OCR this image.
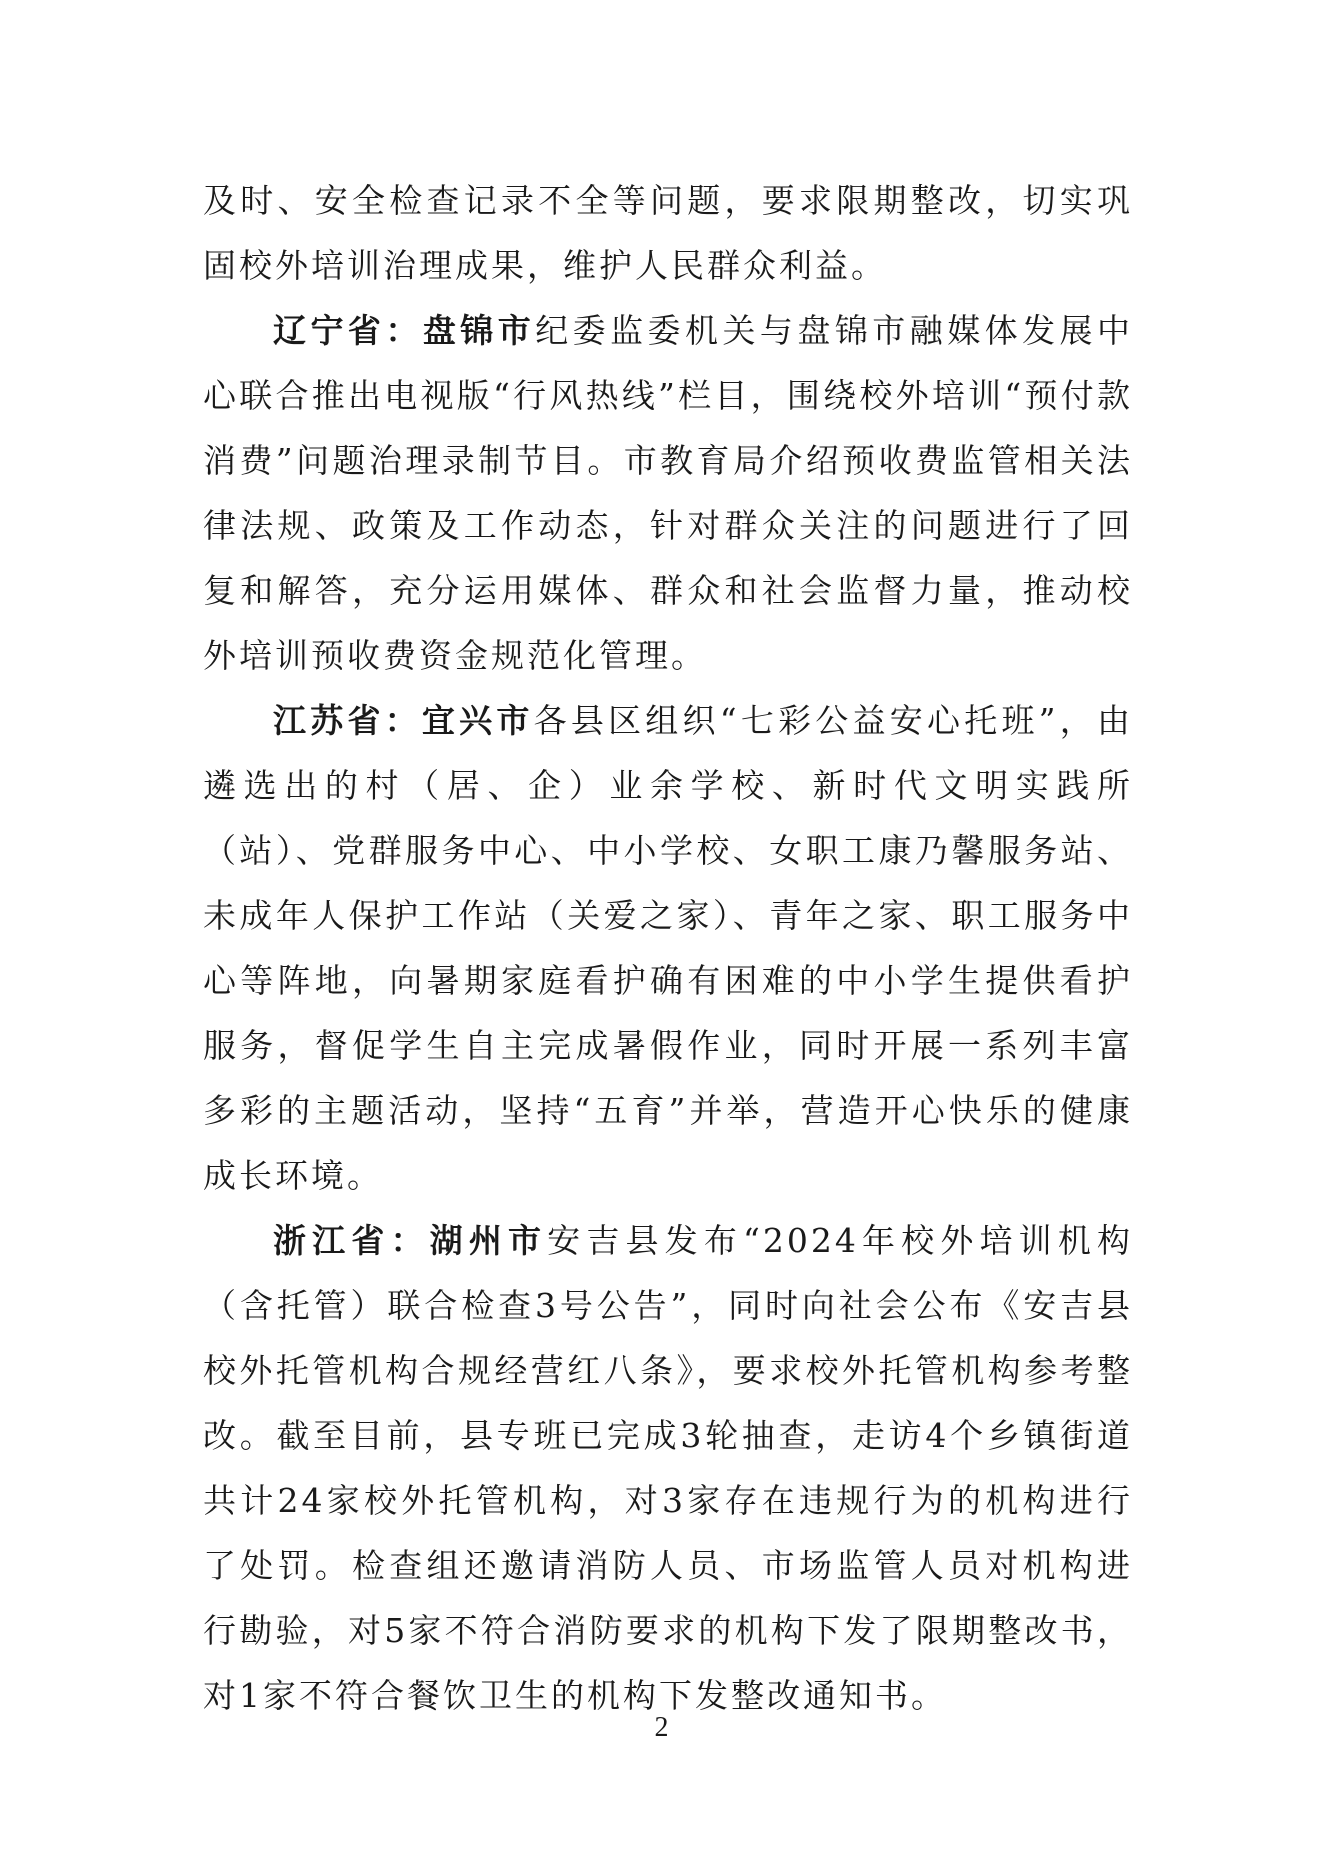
及时、安全检查记录不全等问题，要求限期整改，切实巩固校外培训治理成果，维护人民群众利益。

辽宁省：盘锦市纪委监委机关与盘锦市融媒体发展中心联合推出电视版“行风热线”栏目，围绕校外培训“预付款消费”问题治理录制节目。市教育局介绍预收费监管相关法律法规、政策及工作动态，针对群众关注的问题进行了回复和解答，充分运用媒体、群众和社会监督力量，推动校外培训预收费资金规范化管理。

江苏省：宜兴市各县区组织“七彩公益安心托班”，由遴选出的村（居、企）业余学校、新时代文明实践所（站）、党群服务中心、中小学校、女职工康乃馨服务站、未成年人保护工作站（关爱之家）、青年之家、职工服务中心等阵地，向暑期家庭看护确有困难的中小学生提供看护服务，督促学生自主完成暑假作业，同时开展一系列丰富多彩的主题活动，坚持“五育”并举，营造开心快乐的健康成长环境。

浙江省：湖州市安吉县发布“2024年校外培训机构（含托管）联合检查3号公告”，同时向社会公布《安吉县校外托管机构合规经营红八条》，要求校外托管机构参考整改。截至目前，县专班已完成3轮抽查，走访4个乡镇街道共计24家校外托管机构，对3家存在违规行为的机构进行了处罚。检查组还邀请消防人员、市场监管人员对机构进行勘验，对5家不符合消防要求的机构下发了限期整改书，对1家不符合餐饮卫生的机构下发整改通知书。

2
